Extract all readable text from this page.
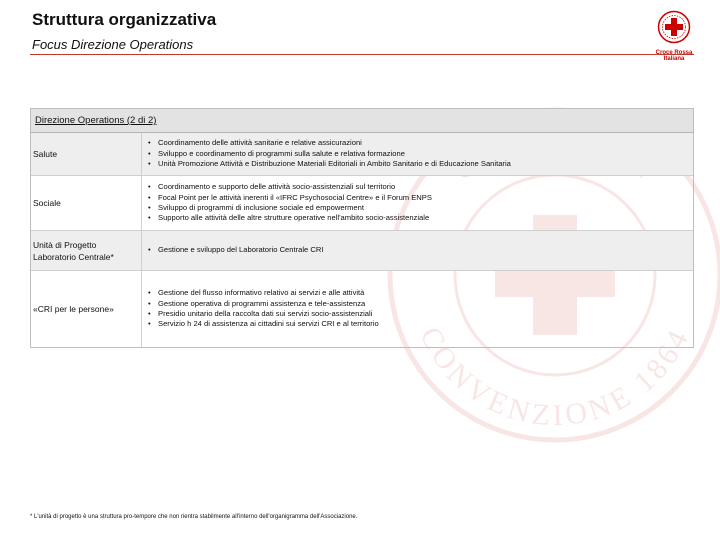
Struttura organizzativa
Focus Direzione Operations
Croce Rossa Italiana
CONVENZIONE 1864
Direzione Operations (2 di 2)
Salute
• Coordinamento delle attività sanitarie e relative assicurazioni
• Sviluppo e coordinamento di programmi sulla salute e relativa formazione
• Unità Promozione Attività e Distribuzione Materiali Editoriali in Ambito Sanitario e di Educazione Sanitaria
Sociale
• Coordinamento e supporto delle attività socio-assistenziali sul territorio
• Focal Point per le attività inerenti il «IFRC Psychosocial Centre» e il Forum ENPS
• Sviluppo di programmi di inclusione sociale ed empowerment
• Supporto alle attività delle altre strutture operative nell'ambito socio-assistenziale
Unità di Progetto Laboratorio Centrale*
• Gestione e sviluppo del Laboratorio Centrale CRI
«CRI per le persone»
• Gestione del flusso informativo relativo ai servizi e alle attività
• Gestione operativa di programmi assistenza e tele-assistenza
• Presidio unitario della raccolta dati sui servizi socio-assistenziali
• Servizio h 24 di assistenza ai cittadini sui servizi CRI e al territorio
* L'unità di progetto è una struttura pro-tempore che non rientra stabilmente all'interno dell'organigramma dell'Associazione.
